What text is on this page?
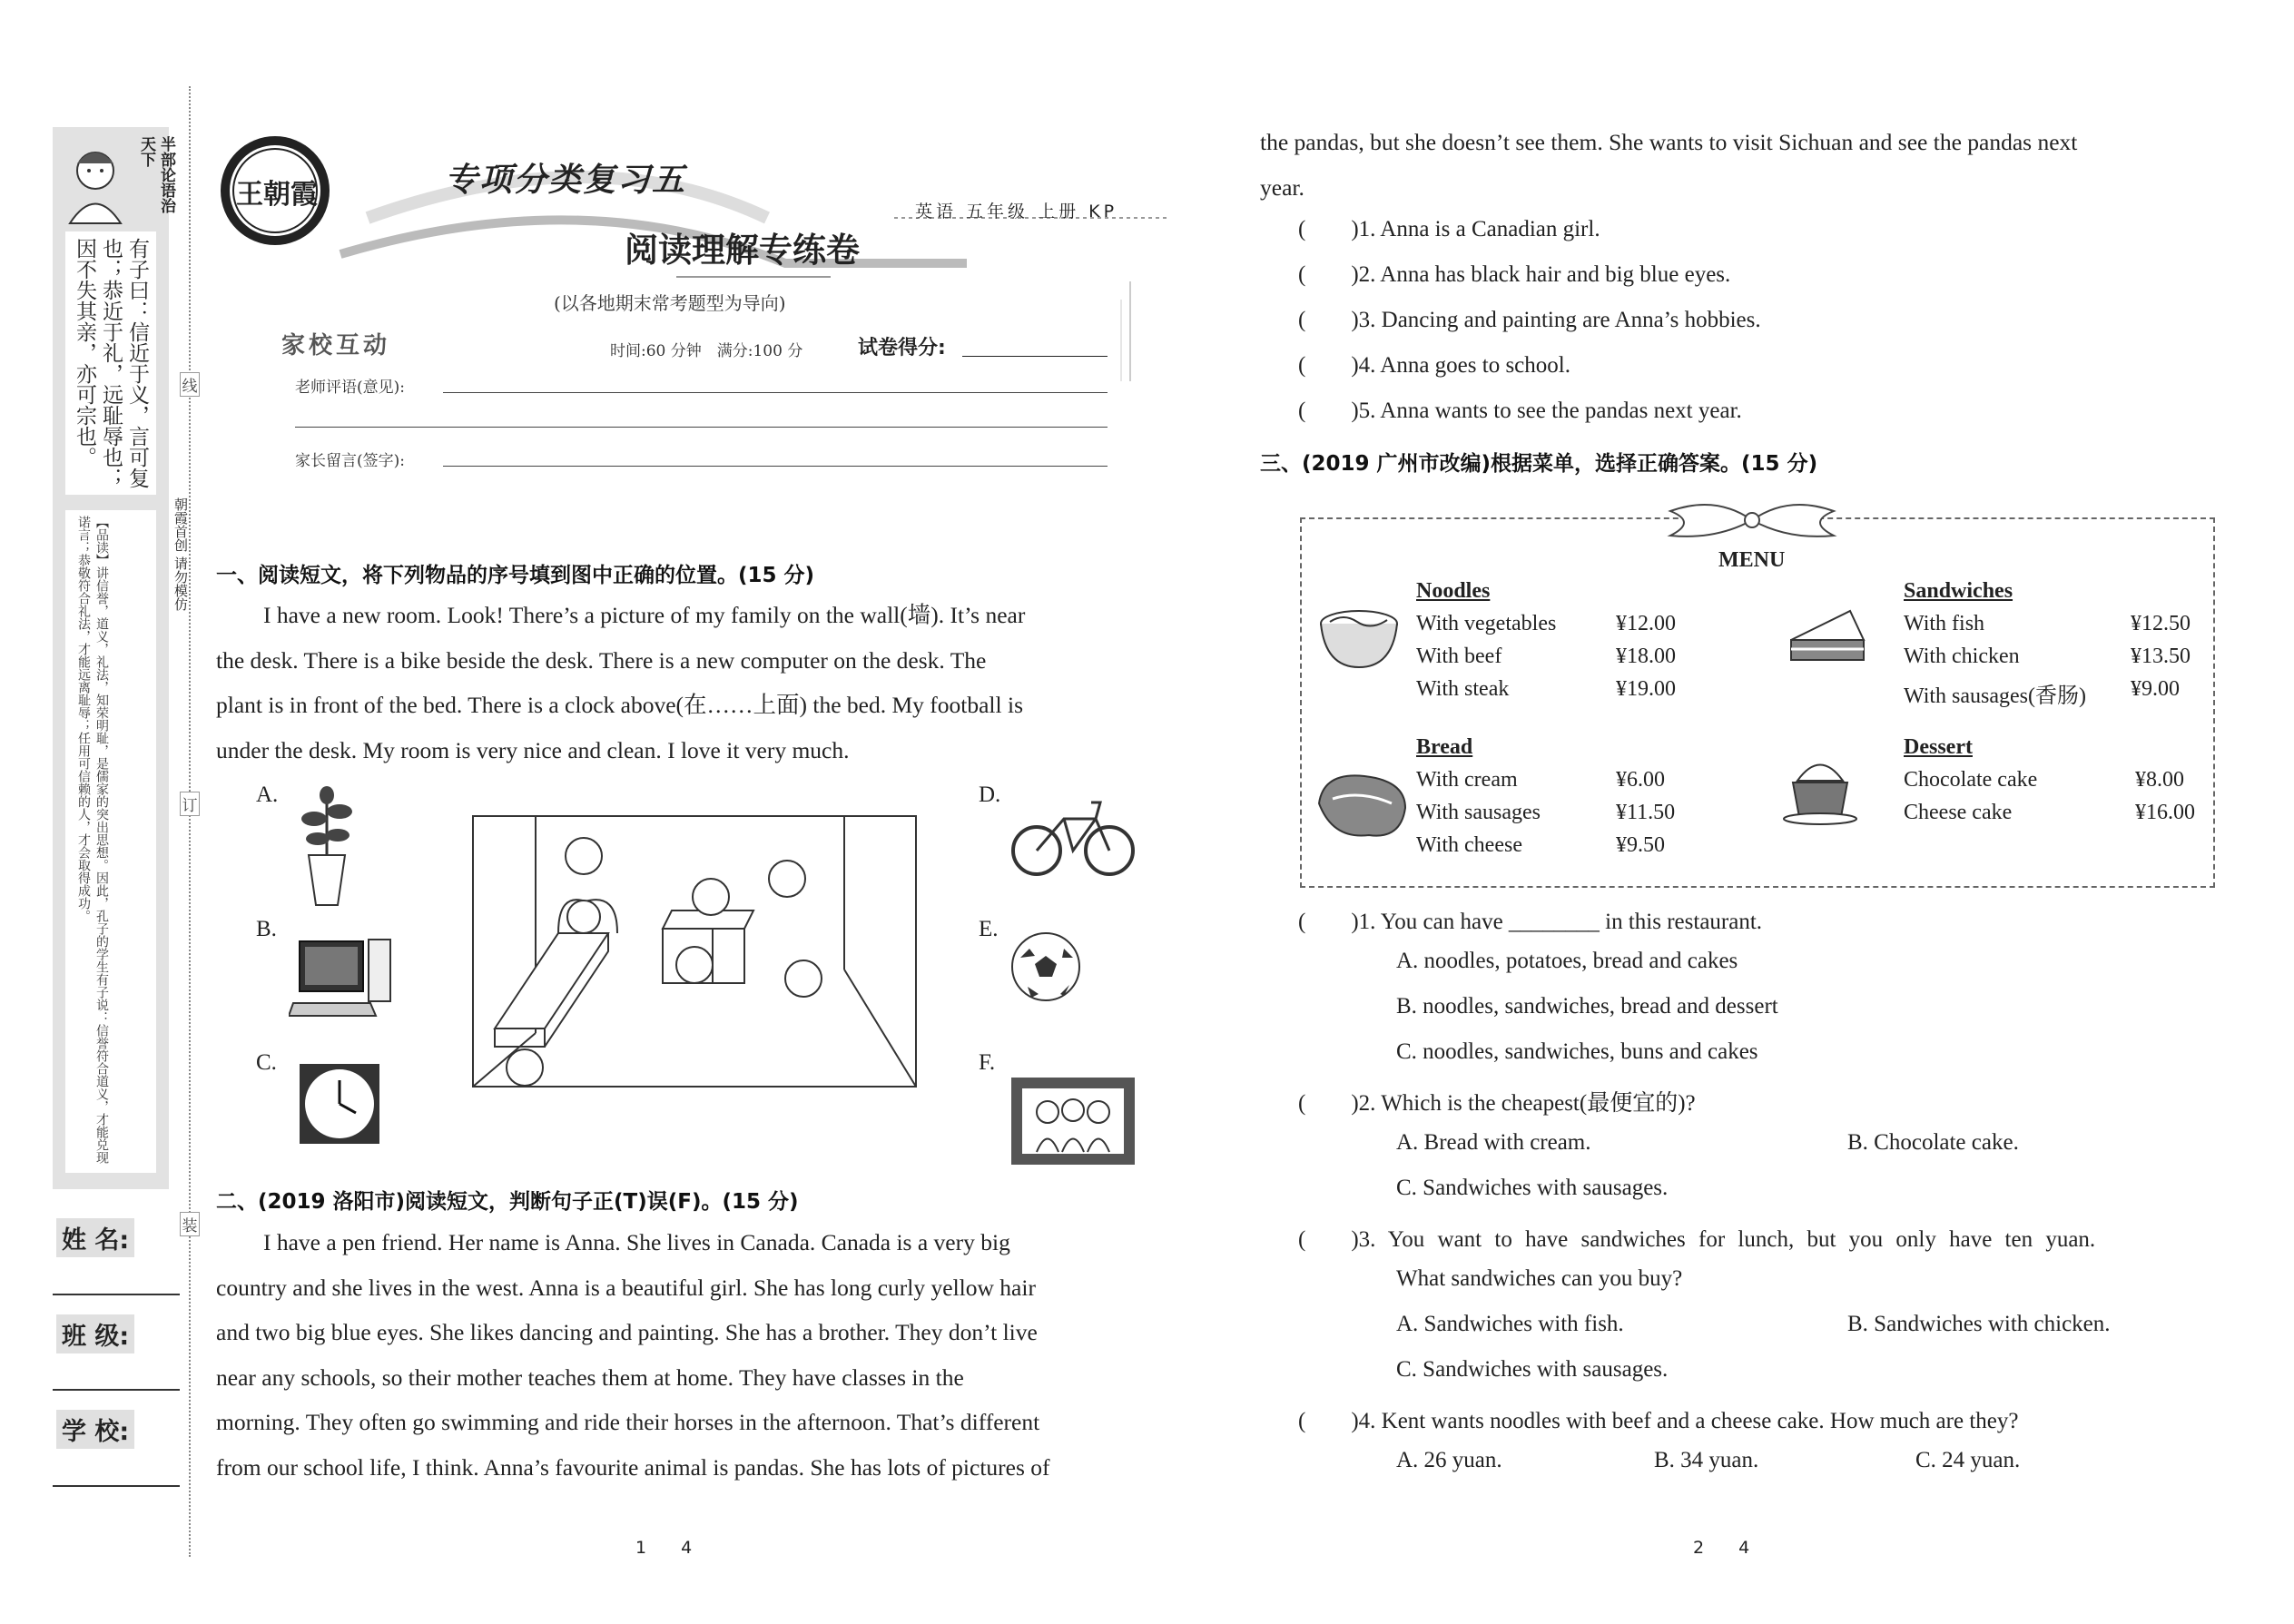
半部论语治天下
有子曰：信近于义，言可复也；恭近于礼，远耻辱也；因不失其亲，亦可宗也。
【品读】讲信誉，道义，礼法，知荣明耻，是儒家的突出思想。因此，孔子的学生有子说：信誉符合道义，才能兑现诺言；恭敬符合礼法，才能远离耻辱；任用可信赖的人，才会取得成功。
线
订
装
朝霞首创 请勿模仿
姓 名:
班 级:
学 校:
王朝霞	专项分类复习五
阅读理解专练卷
英语 五年级 上册 KP
(以各地期末常考题型为导向)
家校互动	时间:60 分钟　满分:100 分	试卷得分:
老师评语(意见):
家长留言(签字):
一、阅读短文，将下列物品的序号填到图中正确的位置。(15 分)

I have a new room. Look! There’s a picture of my family on the wall(墙). It’s near

the desk. There is a bike beside the desk. There is a new computer on the desk. The

plant is in front of the bed. There is a clock above(在……上面) the bed. My football is

under the desk. My room is very nice and clean. I love it very much.

A.
B.
C.
D.
E.
F.
二、(2019 洛阳市)阅读短文，判断句子正(T)误(F)。(15 分)

I have a pen friend. Her name is Anna. She lives in Canada. Canada is a very big

country and she lives in the west. Anna is a beautiful girl. She has long curly yellow hair

and two big blue eyes. She likes dancing and painting. She has a brother. They don’t live

near any schools, so their mother teaches them at home. They have classes in the

morning. They often go swimming and ride their horses in the afternoon. That’s different

from our school life, I think. Anna’s favourite animal is pandas. She has lots of pictures of

1　　4

the pandas, but she doesn’t see them. She wants to visit Sichuan and see the pandas next

year.

(　　)1. Anna is a Canadian girl.
(　　)2. Anna has black hair and big blue eyes.
(　　)3. Dancing and painting are Anna’s hobbies.
(　　)4. Anna goes to school.
(　　)5. Anna wants to see the pandas next year.
三、(2019 广州市改编)根据菜单，选择正确答案。(15 分)
MENU
Noodles
With vegetables	¥12.00
With beef	¥18.00
With steak	¥19.00
Sandwiches
With fish	¥12.50
With chicken	¥13.50
With sausages(香肠) ¥9.00
Bread
With cream	¥6.00
With sausages	¥11.50
With cheese	¥9.50
Dessert
Chocolate cake	¥8.00
Cheese cake	¥16.00
(　　)1. You can have ________ in this restaurant.
A. noodles, potatoes, bread and cakes
B. noodles, sandwiches, bread and dessert
C. noodles, sandwiches, buns and cakes
(　　)2. Which is the cheapest(最便宜的)?
A. Bread with cream.	B. Chocolate cake.
C. Sandwiches with sausages.
(　　)3. You want to have sandwiches for lunch, but you only have ten yuan.
What sandwiches can you buy?
A. Sandwiches with fish.	B. Sandwiches with chicken.
C. Sandwiches with sausages.
(　　)4. Kent wants noodles with beef and a cheese cake. How much are they?
A. 26 yuan.	B. 34 yuan.	C. 24 yuan.
2　　4
